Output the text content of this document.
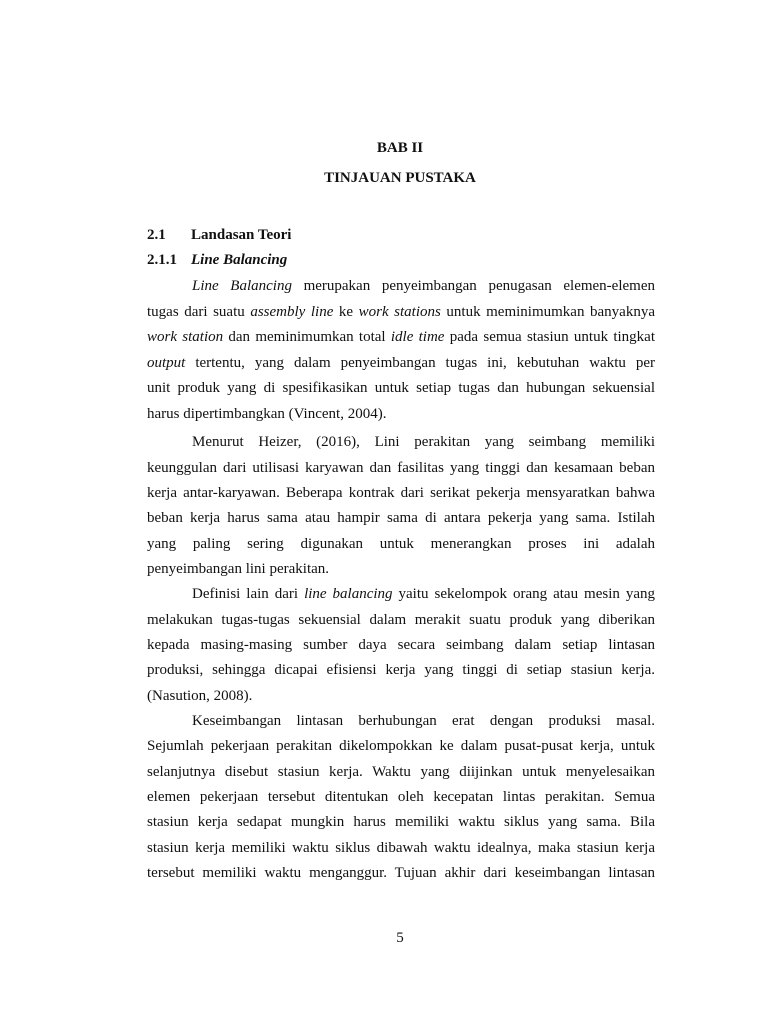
BAB II
TINJAUAN PUSTAKA
2.1 Landasan Teori
2.1.1 Line Balancing
Line Balancing merupakan penyeimbangan penugasan elemen-elemen
tugas dari suatu assembly line ke work stations untuk meminimumkan banyaknya
work station dan meminimumkan total idle time pada semua stasiun untuk tingkat
output tertentu, yang dalam penyeimbangan tugas ini, kebutuhan waktu per
unit produk yang di spesifikasikan untuk setiap tugas dan hubungan sekuensial
harus dipertimbangkan (Vincent, 2004).
Menurut Heizer, (2016), Lini perakitan yang seimbang memiliki
keunggulan dari utilisasi karyawan dan fasilitas yang tinggi dan kesamaan beban
kerja antar-karyawan. Beberapa kontrak dari serikat pekerja mensyaratkan bahwa
beban kerja harus sama atau hampir sama di antara pekerja yang sama. Istilah
yang paling sering digunakan untuk menerangkan proses ini adalah
penyeimbangan lini perakitan.
Definisi lain dari line balancing yaitu sekelompok orang atau mesin yang
melakukan tugas-tugas sekuensial dalam merakit suatu produk yang diberikan
kepada masing-masing sumber daya secara seimbang dalam setiap lintasan
produksi, sehingga dicapai efisiensi kerja yang tinggi di setiap stasiun kerja.
(Nasution, 2008).
Keseimbangan lintasan berhubungan erat dengan produksi masal.
Sejumlah pekerjaan perakitan dikelompokkan ke dalam pusat-pusat kerja, untuk
selanjutnya disebut stasiun kerja. Waktu yang diijinkan untuk menyelesaikan
elemen pekerjaan tersebut ditentukan oleh kecepatan lintas perakitan. Semua
stasiun kerja sedapat mungkin harus memiliki waktu siklus yang sama. Bila
stasiun kerja memiliki waktu siklus dibawah waktu idealnya, maka stasiun kerja
tersebut memiliki waktu menganggur. Tujuan akhir dari keseimbangan lintasan
5
